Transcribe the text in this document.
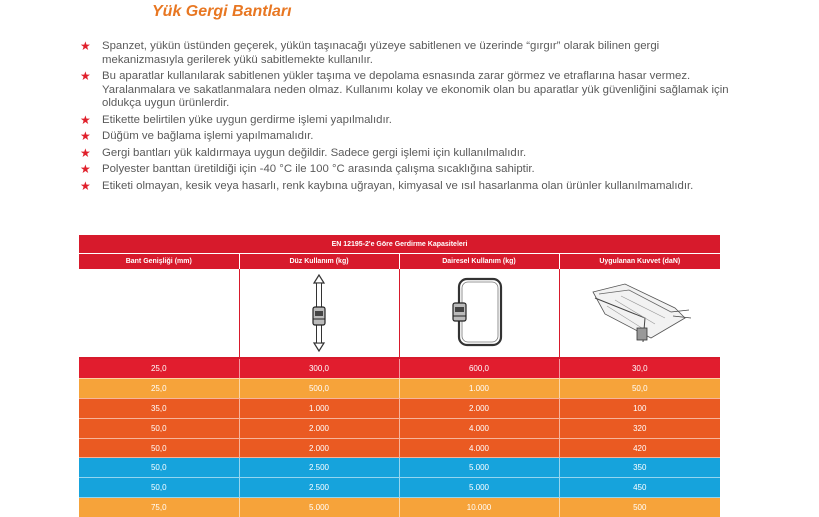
Yük Gergi Bantları
★ Spanzet, yükün üstünden geçerek, yükün taşınacağı yüzeye sabitlenen ve üzerinde “gırgır” olarak bilinen gergi mekanizmasıyla gerilerek yükü sabitlemekte kullanılır.
★ Bu aparatlar kullanılarak sabitlenen yükler taşıma ve depolama esnasında zarar görmez ve etraflarına hasar vermez. Yaralanmalara ve sakatlanmalara neden olmaz. Kullanımı kolay ve ekonomik olan bu aparatlar yük güvenliğini sağlamak için oldukça uygun ürünlerdir.
★ Etikette belirtilen yüke uygun gerdirme işlemi yapılmalıdır.
★ Düğüm ve bağlama işlemi yapılmamalıdır.
★ Gergi bantları yük kaldırmaya uygun değildir. Sadece gergi işlemi için kullanılmalıdır.
★ Polyester banttan üretildiği için -40 °C ile 100 °C arasında çalışma sıcaklığına sahiptir.
★ Etiketi olmayan, kesik veya hasarlı, renk kaybına uğrayan, kimyasal ve ısıl hasarlanma olan ürünler kullanılmamalıdır.
EN 12195-2'e Göre Gerdirme Kapasiteleri			
Bant Genişliği (mm)	Düz Kullanım (kg)	Dairesel Kullanım (kg)	Uygulanan Kuvvet (daN)

25,0	300,0	600,0	30,0
25,0	500,0	1.000	50,0
35,0	1.000	2.000	100
50,0	2.000	4.000	320
50,0	2.000	4.000	420
50,0	2.500	5.000	350
50,0	2.500	5.000	450
75,0	5.000	10.000	500
